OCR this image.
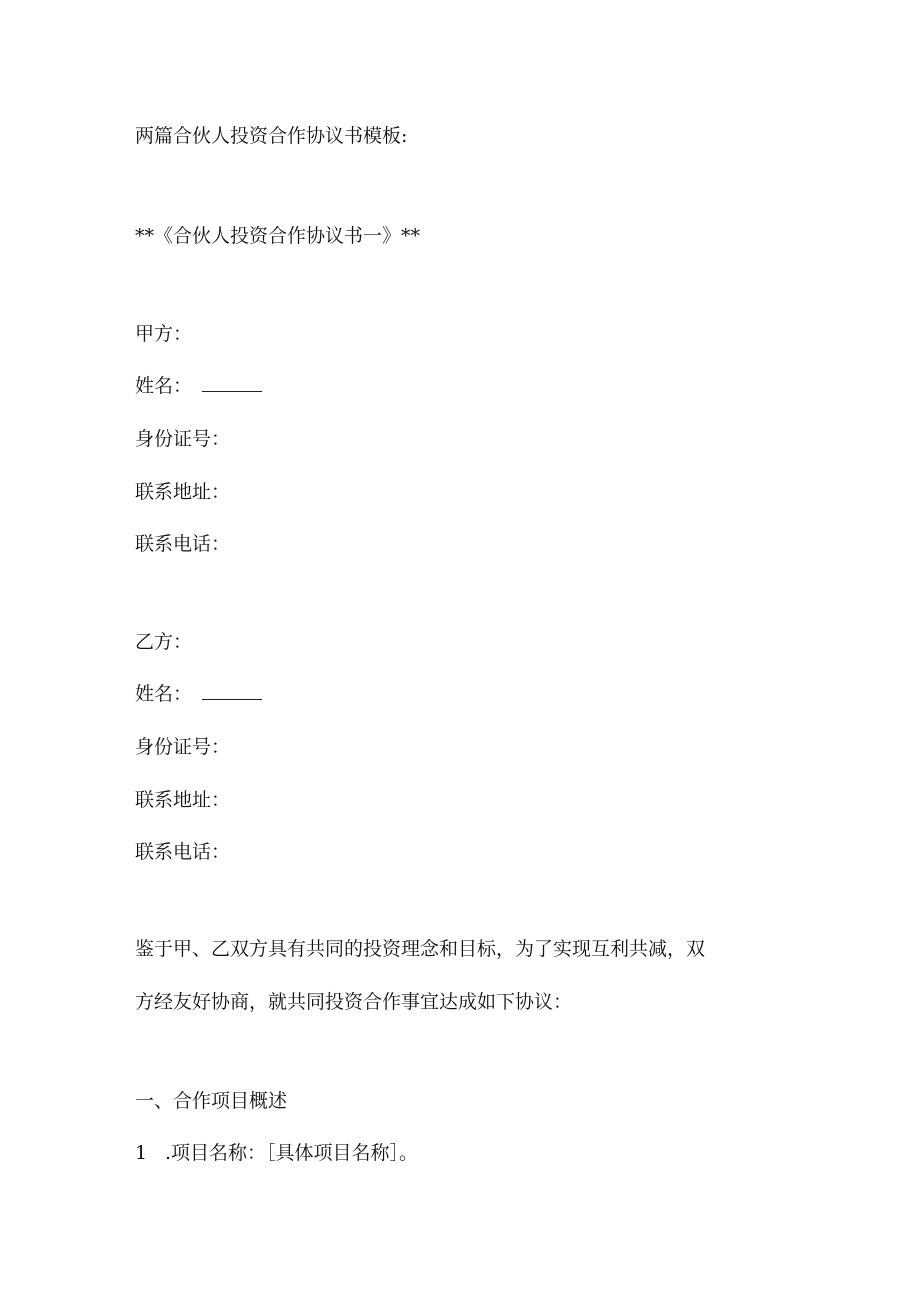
两篇合伙人投资合作协议书模板:

**《合伙人投资合作协议书一》**

甲方：

姓名：

身份证号：

联系地址：

联系电话：

乙方：

姓名：

身份证号：

联系地址：

联系电话：

鉴于甲、乙双方具有共同的投资理念和目标，为了实现互利共减，双

方经友好协商，就共同投资合作事宜达成如下协议：

一、合作项目概述

1 .项目名称：［具体项目名称］。
